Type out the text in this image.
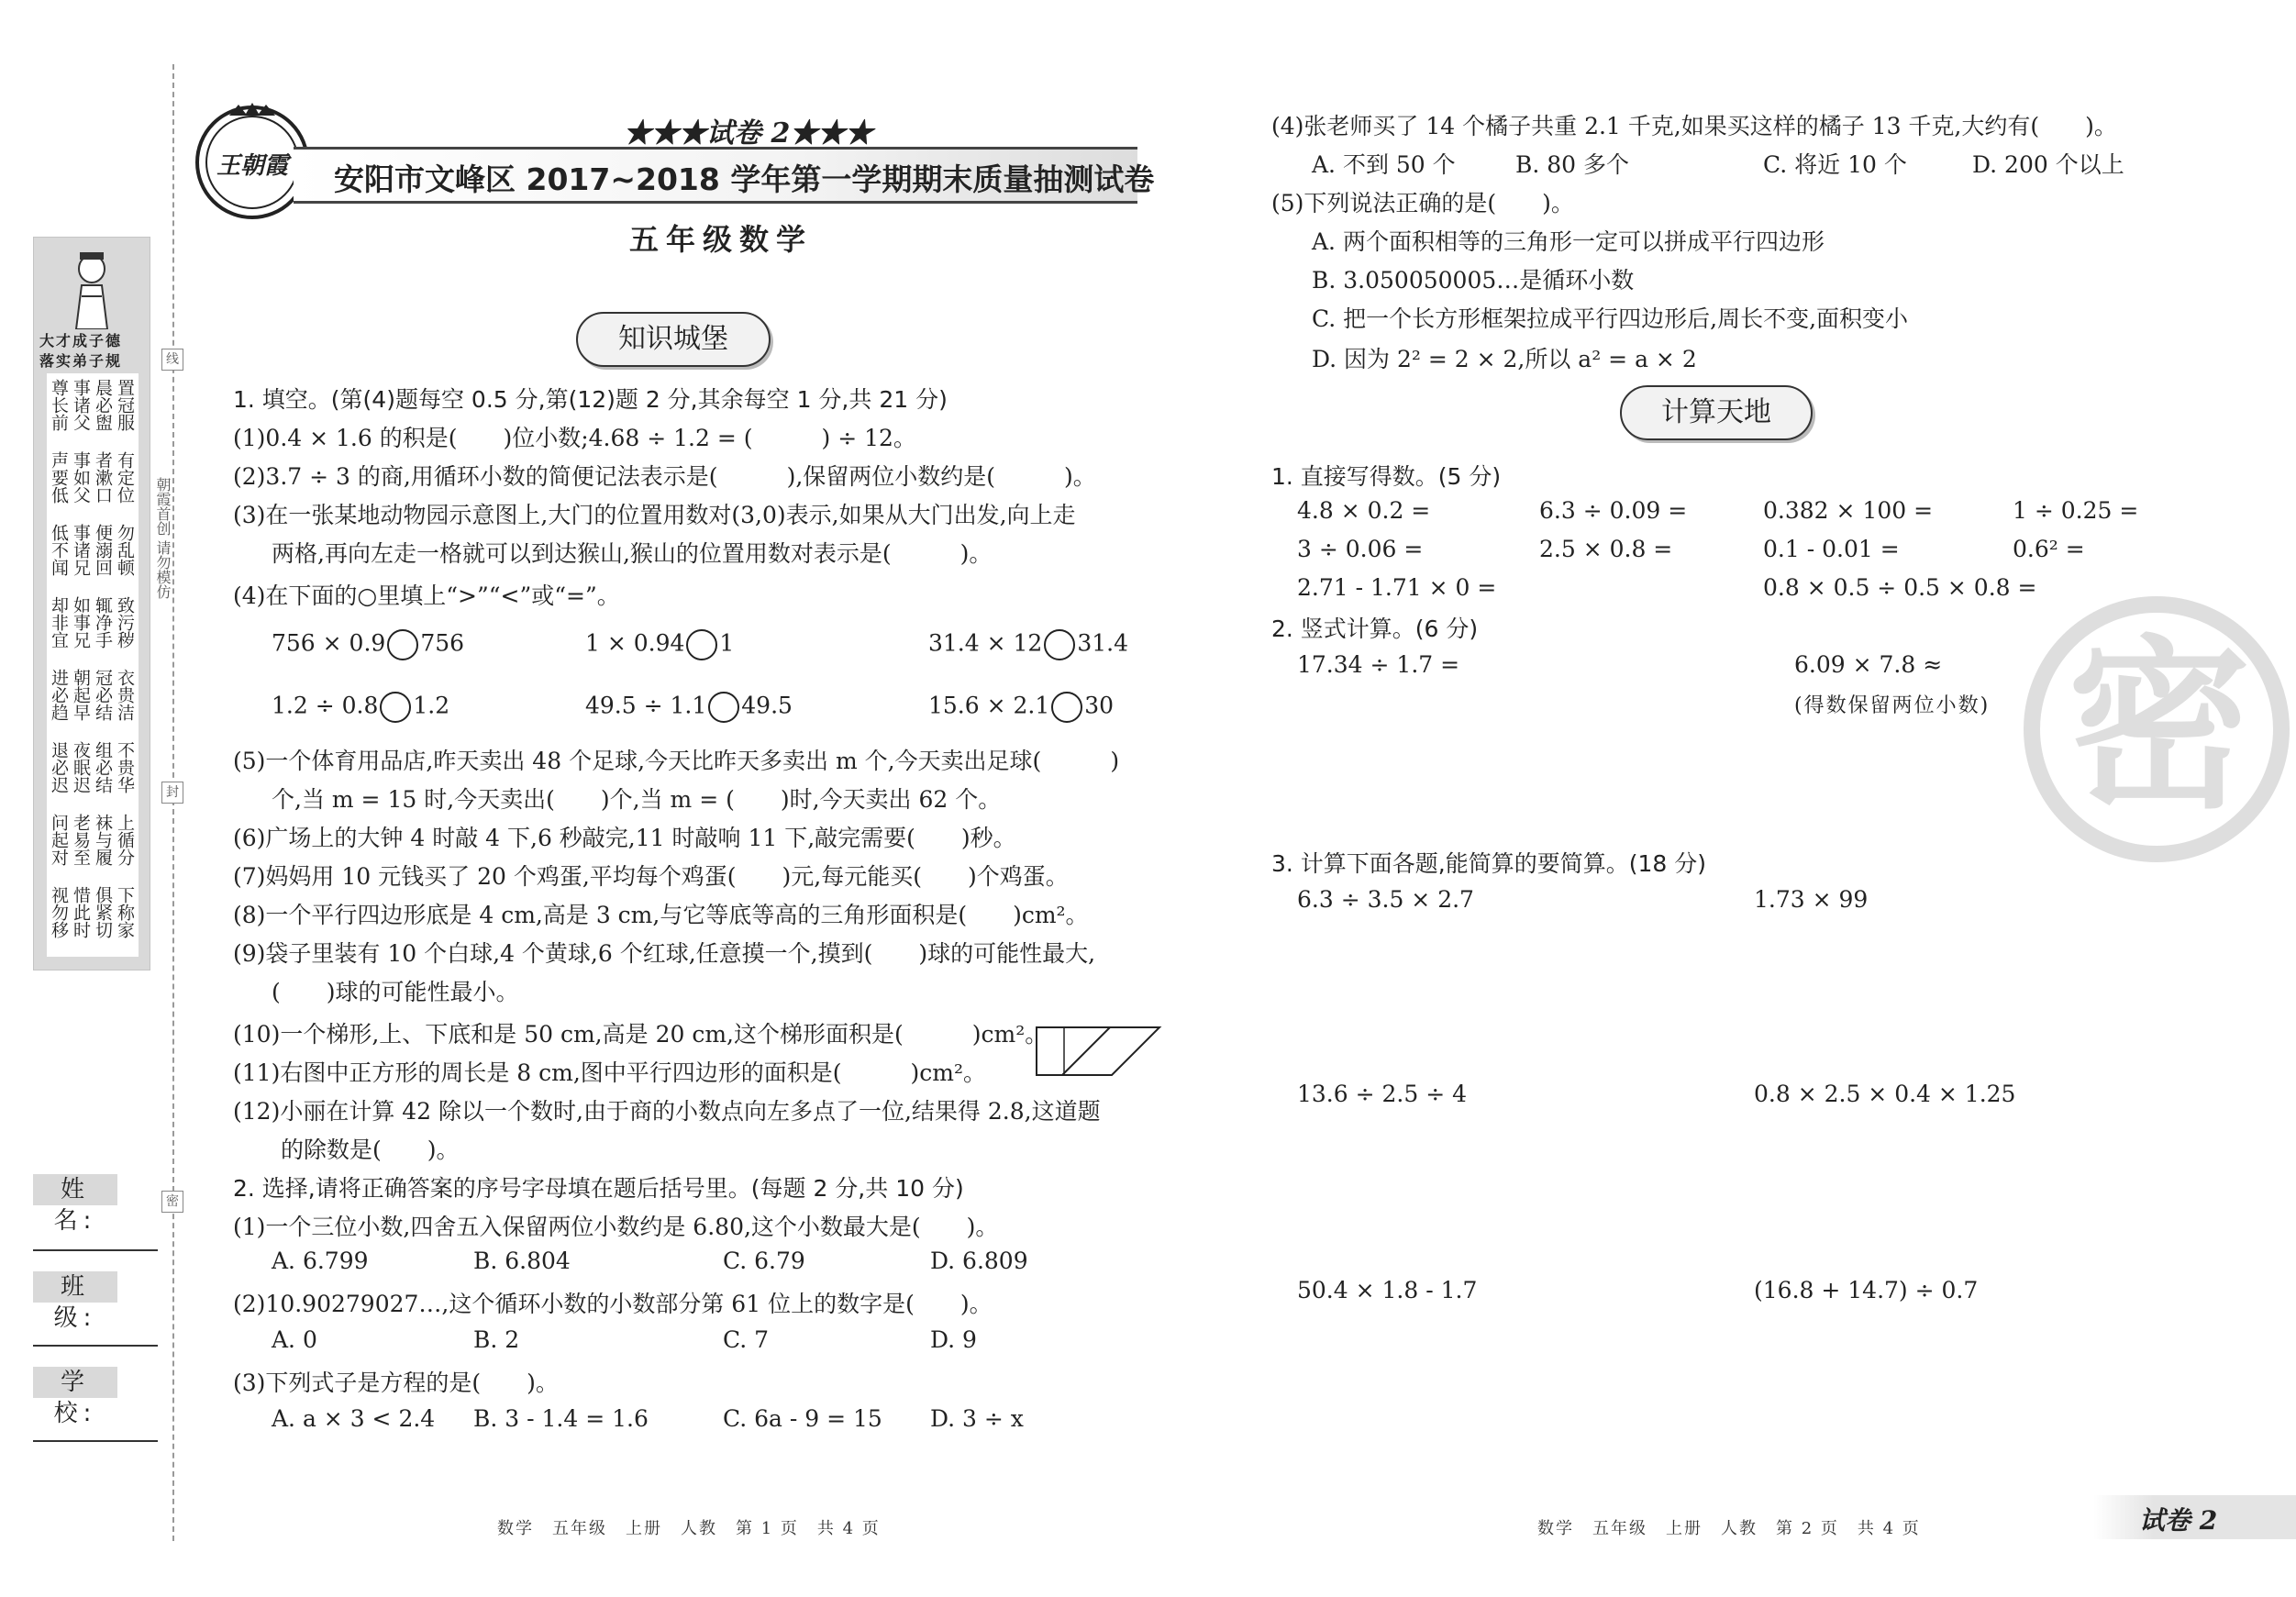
大才成子德
落实弟子规
置冠服
晨必盥
事诸父
尊长前
有定位
者漱口
事如父
声要低
勿乱顿
便溺回
事诸兄
低不闻
致污秽
辄净手
如事兄
却非宜
衣贵洁
冠必结
朝起早
进必趋
不贵华
组必结
夜眠迟
退必迟
上循分
袜与履
老易至
问起对
下称家
俱紧切
惜此时
视勿移
朝霞首创 请勿模仿
线
封
密
姓 名:
班 级:
学 校:
王朝霞
★★★试卷 2★★★
安阳市文峰区 2017~2018 学年第一学期期末质量抽测试卷
五年级数学
知识城堡
1. 填空。(第(4)题每空 0.5 分,第(12)题 2 分,其余每空 1 分,共 21 分)
(1)0.4 × 1.6 的积是(　　)位小数;4.68 ÷ 1.2 = (　　　) ÷ 12。
(2)3.7 ÷ 3 的商,用循环小数的简便记法表示是(　　　),保留两位小数约是(　　　)。
(3)在一张某地动物园示意图上,大门的位置用数对(3,0)表示,如果从大门出发,向上走
两格,再向左走一格就可以到达猴山,猴山的位置用数对表示是(　　　)。
(4)在下面的○里填上“>”“<”或“=”。
756 × 0.9 756	1 × 0.94 1	31.4 × 12 31.4
1.2 ÷ 0.8 1.2	49.5 ÷ 1.1 49.5	15.6 × 2.1 30
(5)一个体育用品店,昨天卖出 48 个足球,今天比昨天多卖出 m 个,今天卖出足球(　　　)
个,当 m = 15 时,今天卖出(　　)个,当 m = (　　)时,今天卖出 62 个。
(6)广场上的大钟 4 时敲 4 下,6 秒敲完,11 时敲响 11 下,敲完需要(　　)秒。
(7)妈妈用 10 元钱买了 20 个鸡蛋,平均每个鸡蛋(　　)元,每元能买(　　)个鸡蛋。
(8)一个平行四边形底是 4 cm,高是 3 cm,与它等底等高的三角形面积是(　　)cm²。
(9)袋子里装有 10 个白球,4 个黄球,6 个红球,任意摸一个,摸到(　　)球的可能性最大,
(　　)球的可能性最小。
(10)一个梯形,上、下底和是 50 cm,高是 20 cm,这个梯形面积是(　　　)cm²。
(11)右图中正方形的周长是 8 cm,图中平行四边形的面积是(　　　)cm²。
(12)小丽在计算 42 除以一个数时,由于商的小数点向左多点了一位,结果得 2.8,这道题
的除数是(　　)。
2. 选择,请将正确答案的序号字母填在题后括号里。(每题 2 分,共 10 分)
(1)一个三位小数,四舍五入保留两位小数约是 6.80,这个小数最大是(　　)。
A. 6.799	B. 6.804	C. 6.79	D. 6.809
(2)10.90279027…,这个循环小数的小数部分第 61 位上的数字是(　　)。
A. 0	B. 2	C. 7	D. 9
(3)下列式子是方程的是(　　)。
A. a × 3 < 2.4 B. 3 - 1.4 = 1.6	C. 6a - 9 = 15 D. 3 ÷ x
数学　五年级　上册　人教　第 1 页　共 4 页
(4)张老师买了 14 个橘子共重 2.1 千克,如果买这样的橘子 13 千克,大约有(　　)。
A. 不到 50 个	B. 80 多个	C. 将近 10 个	D. 200 个以上
(5)下列说法正确的是(　　)。
A. 两个面积相等的三角形一定可以拼成平行四边形
B. 3.050050005…是循环小数
C. 把一个长方形框架拉成平行四边形后,周长不变,面积变小
D. 因为 2² = 2 × 2,所以 a² = a × 2
计算天地
1. 直接写得数。(5 分)
4.8 × 0.2 =	6.3 ÷ 0.09 =	0.382 × 100 =	1 ÷ 0.25 =
3 ÷ 0.06 =	2.5 × 0.8 =	0.1 - 0.01 =	0.6² =
2.71 - 1.71 × 0 =	0.8 × 0.5 ÷ 0.5 × 0.8 =
2. 竖式计算。(6 分)
17.34 ÷ 1.7 =	6.09 × 7.8 ≈
(得数保留两位小数) 密
3. 计算下面各题,能简算的要简算。(18 分)
6.3 ÷ 3.5 × 2.7	1.73 × 99
13.6 ÷ 2.5 ÷ 4	0.8 × 2.5 × 0.4 × 1.25
50.4 × 1.8 - 1.7	(16.8 + 14.7) ÷ 0.7
数学　五年级　上册　人教　第 2 页　共 4 页	试卷 2
